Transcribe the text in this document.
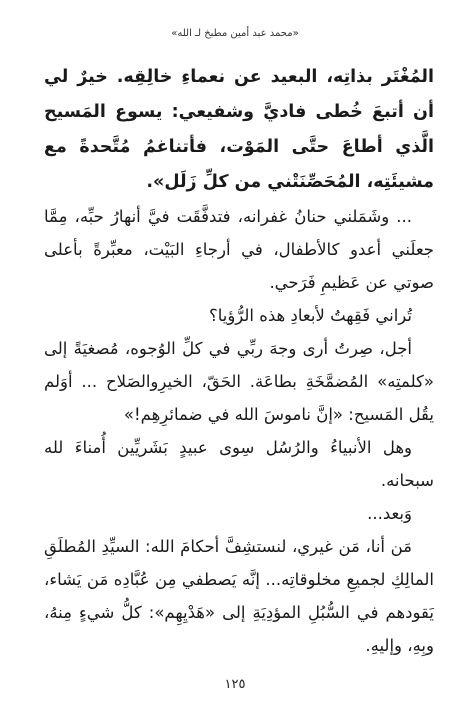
«محمد عبد أمين مطبخ لـ الله»

المُغْتَر بذاتِه، البعيد عن نعماءِ خالِقِه. خيرٌ لي أن أتبعَ خُطى فاديَّ وشفيعي: يسوع المَسيح الَّذي أطاعَ حتَّى المَوْت، فأتناغمُ مُتَّحدةً مع مشيئَتِه، المُحَصِّنَتْني من كلِّ زَلَل».

... وشَمَلني حنانُ غفرانه، فتدفَّقَت فيَّ أنهارُ حبِّه، مِمَّا جعلَني أعدو كالأطفال، في أرجاءِ البَيْت، معبِّرةً بأعلى صوتي عن عَظيمِ فَرَحي.

تُراني فَقِهتُ لأبعادِ هذه الرُّؤيا؟

أجل، صِرتُ أرى وجهَ ربِّي في كلِّ الوُجوه، مُصغيَةً إلى «كلمتِه» المُضمَّخَةِ بطاعَة. الحَقّ، الخيرِوالصَلاح ... أوَلم يقُل المَسيح: «إنَّ ناموسَ الله في ضمائرِهِم!»

وهل الأنبياءُ والرُسُل سِوى عبيدٍ بَشَريِّين أُمناءَ لله سبحانه.

وَبعد...

مَن أنا، مَن غيري، لنستشِفَّ أحكامَ الله: السيِّدِ المُطلَقِ المالِكِ لجميعِ مخلوقاتِه... إنَّه يَصطفي مِن عُبَّادِه مَن يَشاء، يَقودهم في السُّبُلِ المؤدِيَةِ إلى «هَدْيِهِم»: كلُّ شيءٍ مِنهُ، وبِهِ، وإليهِ.

١٢٥
